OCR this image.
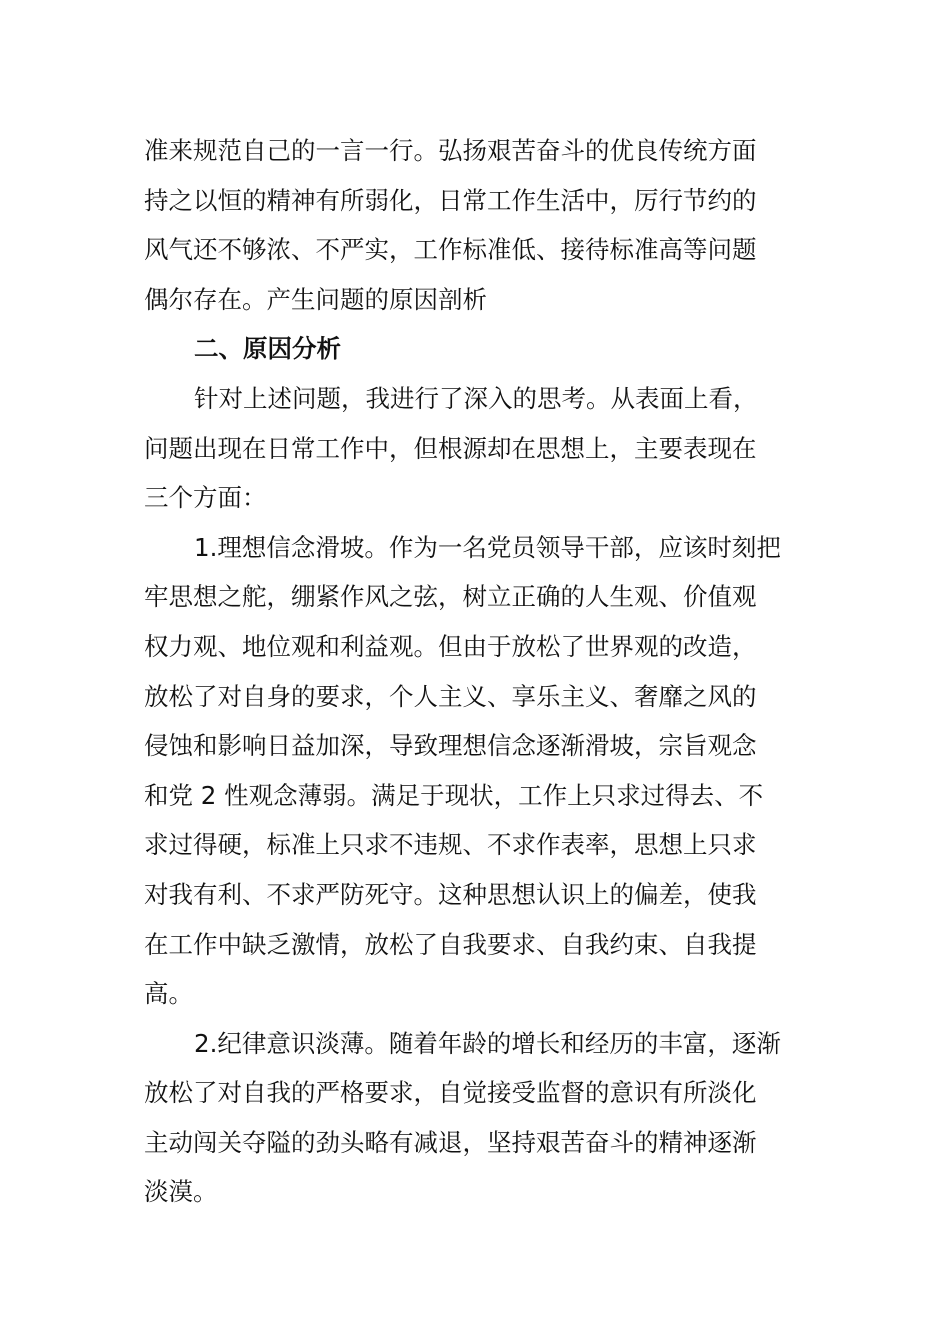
准来规范自己的一言一行。弘扬艰苦奋斗的优良传统方面
持之以恒的精神有所弱化，日常工作生活中，厉行节约的
风气还不够浓、不严实，工作标准低、接待标准高等问题
偶尔存在。产生问题的原因剖析

二、原因分析

针对上述问题，我进行了深入的思考。从表面上看，
问题出现在日常工作中，但根源却在思想上，主要表现在
三个方面：

1.理想信念滑坡。作为一名党员领导干部，应该时刻把
牢思想之舵，绷紧作风之弦，树立正确的人生观、价值观
权力观、地位观和利益观。但由于放松了世界观的改造，
放松了对自身的要求，个人主义、享乐主义、奢靡之风的
侵蚀和影响日益加深，导致理想信念逐渐滑坡，宗旨观念
和党 2 性观念薄弱。满足于现状，工作上只求过得去、不
求过得硬，标准上只求不违规、不求作表率，思想上只求
对我有利、不求严防死守。这种思想认识上的偏差，使我
在工作中缺乏激情，放松了自我要求、自我约束、自我提
高。

2.纪律意识淡薄。随着年龄的增长和经历的丰富，逐渐
放松了对自我的严格要求，自觉接受监督的意识有所淡化
主动闯关夺隘的劲头略有减退，坚持艰苦奋斗的精神逐渐
淡漠。
